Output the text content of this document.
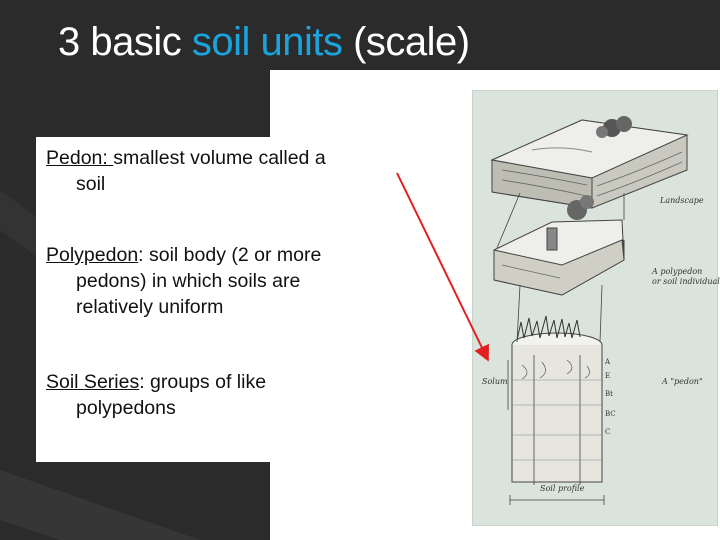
3 basic soil units (scale)
Pedon: smallest volume called a
soil
Polypedon: soil body (2 or more
pedons) in which soils are
relatively uniform
Soil Series: groups of like
polypedons
Landscape
A polypedon
or soil individual
A "pedon"
Solum
Soil profile
A
E
Bt
BC
C
